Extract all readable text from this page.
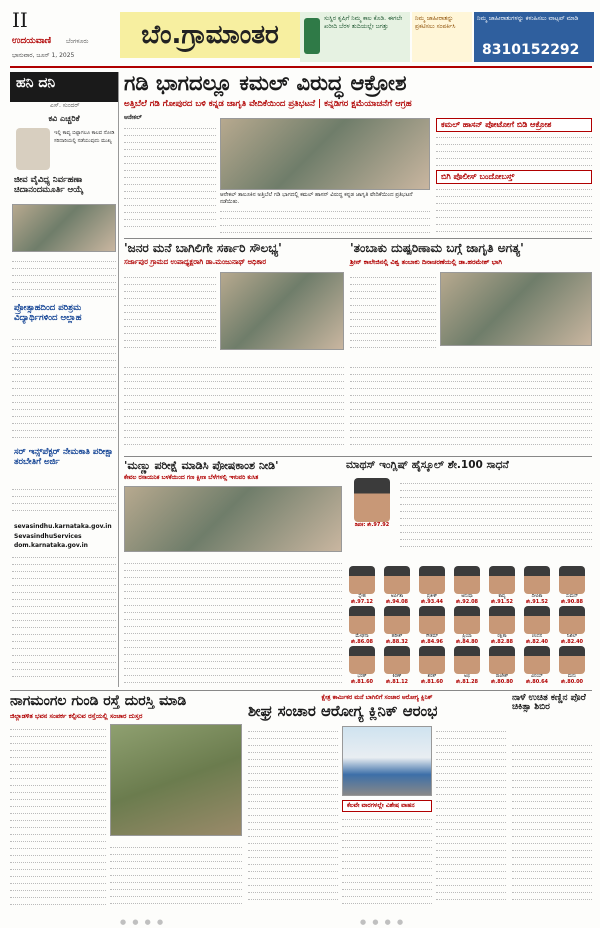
II
ಉದಯವಾಣಿ ಬೆಂಗಳೂರು
ಭಾನುವಾರ, ಜೂನ್ 1, 2025
ಬೆಂ.ಗ್ರಾಮಾಂತರ
ಸುಸ್ಥಿರ ಕೃಷಿಗೆ ನಿಮ್ಮ ಕಾಲ ಕೊಡಿ. ಈಗಲೇ ಖರೀದಿ ಬೆರಳ ತುದಿಯಲ್ಲೇ ಜಗತ್ತು
ನಿಮ್ಮ ಜಾಹೀರಾತನ್ನು ಪ್ರಕಟಿಸಲು ಸಂಪರ್ಕಿಸಿ
ನಿಮ್ಮ ಜಾಹೀರಾತುಗಳನ್ನು ಕಳುಹಿಸಲು ವಾಟ್ಸಪ್ ಮಾಡಿ
8310152292
ಹನಿ ದನಿ
ಎಸ್. ಸುಂದರ್
ಕವಿ ಎಚ್ಚರಿಕೆ
ಇಲ್ಲಿ ಕಾವ್ಯ ಬಿಟ್ಟಾಗಲೂ ಕಾಲವ ನೋಡಿ ಸರಿದಾರಿಯಲ್ಲಿ ನಡೆಯುವುದು ಮುಖ್ಯ
ಜೀವ ವೈವಿಧ್ಯ ನಿರ್ವಹಣಾ ಚಿದಾನಂದಮೂರ್ತಿ ಆಯ್ಕೆ
ಪ್ರೋತ್ಸಾಹದಿಂದ ಪರಿಶ್ರಮ ವಿದ್ಯಾರ್ಥಿಗಳಿಂದ ಆಲ್ಲಾಹ
ಸರ್ ಇನ್ಸ್‌ಪೆಕ್ಟರ್ ನೇಮಕಾತಿ ಪರೀಕ್ಷಾ ತರಬೇತಿಗೆ ಅರ್ಜಿ
sevasindhu.karnataka.gov.in
SevasindhuServices
dom.karnataka.gov.in
ಗಡಿ ಭಾಗದಲ್ಲೂ ಕಮಲ್ ವಿರುದ್ಧ ಆಕ್ರೋಶ
ಅತ್ತಿಬೆಲೆ ಗಡಿ ಗೋಪುರದ ಬಳಿ ಕನ್ನಡ ಜಾಗೃತಿ ವೇದಿಕೆಯಿಂದ ಪ್ರತಿಭಟನೆ | ಕನ್ನಡಿಗರ ಕ್ಷಮೆಯಾಚನೆಗೆ ಆಗ್ರಹ
ಆನೇಕಲ್
ಆನೇಕಲ್ ತಾಲೂಕಿನ ಅತ್ತಿಬೆಲೆ ಗಡಿ ಭಾಗದಲ್ಲಿ ಕಮಲ್ ಹಾಸನ್ ವಿರುದ್ಧ ಕನ್ನಡ ಜಾಗೃತಿ ವೇದಿಕೆಯಿಂದ ಪ್ರತಿಭಟನೆ ನಡೆಯಿತು.
ಕಮಲ್ ಹಾಸನ್ ಪೋಟೋಗೆ ಬಿಡಿ ಆಕ್ರೋಶ
ಬಿಗಿ ಪೊಲೀಸ್ ಬಂದೋಬಸ್ತ್
'ಜನರ ಮನೆ ಬಾಗಿಲಿಗೇ ಸರ್ಕಾರಿ ಸೌಲಭ್ಯ'
ಸರ್ಜಾಪುರ ಗ್ರಾಮದ ಉಪಾಧ್ಯಕ್ಷರಾಗಿ ಡಾ.ಮಂಜುನಾಥ್ ಅಧಿಕಾರ
'ತಂಬಾಕು ದುಷ್ಪರಿಣಾಮ ಬಗ್ಗೆ ಜಾಗೃತಿ ಅಗತ್ಯ'
ಶ್ರೀನ್ ಕಾಲೇಜಿನಲ್ಲಿ ವಿಶ್ವ ತಂಬಾಕು ದಿನಾಚರಣೆಯಲ್ಲಿ ಡಾ.ಹರಮೇಶ್ ಭಾಗಿ
'ಮಣ್ಣು ಪರೀಕ್ಷೆ ಮಾಡಿಸಿ ಪೋಷಕಾಂಶ ನೀಡಿ'
ಕೇವಲ ರಸಾಯನಿಕ ಬಳಕೆಯಿಂದ ಗಣ ಕ್ಷೀಣ ಬೆಳೆಗಳಲ್ಲಿ ಇಳುವರಿ ಕುಸಿತ
ಮಾಥಸ್ ಇಂಗ್ಲಿಷ್ ಹೈಸ್ಕೂಲ್ ಶೇ.100 ಸಾಧನೆ
ಡಿಪಕ: ಶೇ.97.92
ಸ್ನೇಹ
ಶೇ.97.12
ಅರ್ಪಿತಾ
ಶೇ.94.08
ಪ್ರತೀಕ್
ಶೇ.93.44
ಅನುಷಾ
ಶೇ.92.08
ಕಾವ್ಯ
ಶೇ.91.52
ದೀಪಿಕಾ
ಶೇ.91.52
ಸುಮನ್
ಶೇ.90.88
ಮೇಘನಾ
ಶೇ.86.08
ಹರೀಶ್
ಶೇ.88.32
ಗೌತಮ್
ಶೇ.84.96
ಪ್ರಿಯಾ
ಶೇ.84.80
ರಕ್ಷಿತಾ
ಶೇ.82.88
ಚಂದನ
ಶೇ.82.40
ನಿಖಿಲ್
ಶೇ.82.40
ಭರತ್
ಶೇ.81.60
ಕಿರಣ್
ಶೇ.81.12
ಶರತ್
ಶೇ.81.60
ಅಭಿ
ಶೇ.81.28
ರಾಜೇಶ್
ಶೇ.80.80
ವಿನಯ್
ಶೇ.80.64
ಮನು
ಶೇ.80.00
ನಾಗಮಂಗಲ ಗುಂಡಿ ರಸ್ತೆ ದುರಸ್ತಿ ಮಾಡಿ
ಜಿಲ್ಲಾಡಳಿತ ಭವನ ಸಂಪರ್ಕ ಕಲ್ಪಿಸುವ ರಸ್ತೆಯಲ್ಲಿ ಸಂಚಾರ ದುಸ್ತರ
ಕ್ಷೇತ್ರ ಕಾರ್ಮಿಕರ ಮನೆ ಬಾಗಿಲಿಗೆ ಸಂಚಾರ ಆರೋಗ್ಯ ಕ್ಲಿನಿಕ್
ಶೀಘ್ರ ಸಂಚಾರ ಆರೋಗ್ಯ ಕ್ಲಿನಿಕ್ ಆರಂಭ
ಕೆಲವೇ ವಾರಗಳಲ್ಲೇ ವಿಶೇಷ ವಾಹನ
ನಾಳೆ ಉಚಿತ ಕಣ್ಣಿನ ಪೊರೆ ಚಿಕಿತ್ಸಾ ಶಿಬಿರ
● ● ● ●	● ● ● ●
